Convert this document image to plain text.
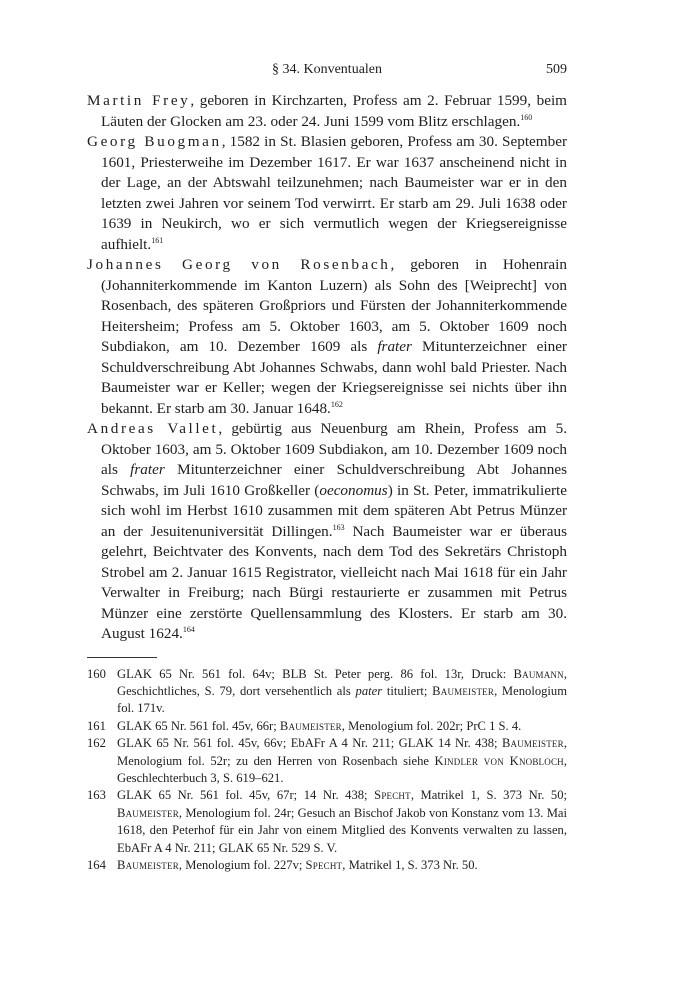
§ 34. Konventualen	509

Martin Frey, geboren in Kirchzarten, Profess am 2. Februar 1599, beim Läuten der Glocken am 23. oder 24. Juni 1599 vom Blitz erschlagen.$^{160}$

Georg Buogman, 1582 in St. Blasien geboren, Profess am 30. September 1601, Priesterweihe im Dezember 1617. Er war 1637 anscheinend nicht in der Lage, an der Abtswahl teilzunehmen; nach Baumeister war er in den letzten zwei Jahren vor seinem Tod verwirrt. Er starb am 29. Juli 1638 oder 1639 in Neukirch, wo er sich vermutlich wegen der Kriegsereignisse aufhielt.$^{161}$

Johannes Georg von Rosenbach, geboren in Hohenrain (Johanniterkommende im Kanton Luzern) als Sohn des [Weiprecht] von Rosenbach, des späteren Großpriors und Fürsten der Johanniterkommende Heitersheim; Profess am 5. Oktober 1603, am 5. Oktober 1609 noch Subdiakon, am 10. Dezember 1609 als frater Mitunterzeichner einer Schuldverschreibung Abt Johannes Schwabs, dann wohl bald Priester. Nach Baumeister war er Keller; wegen der Kriegsereignisse sei nichts über ihn bekannt. Er starb am 30. Januar 1648.$^{162}$

Andreas Vallet, gebürtig aus Neuenburg am Rhein, Profess am 5. Oktober 1603, am 5. Oktober 1609 Subdiakon, am 10. Dezember 1609 noch als frater Mitunterzeichner einer Schuldverschreibung Abt Johannes Schwabs, im Juli 1610 Großkeller (oeconomus) in St. Peter, immatrikulierte sich wohl im Herbst 1610 zusammen mit dem späteren Abt Petrus Münzer an der Jesuitenuniversität Dillingen.$^{163}$ Nach Baumeister war er überaus gelehrt, Beichtvater des Konvents, nach dem Tod des Sekretärs Christoph Strobel am 2. Januar 1615 Registrator, vielleicht nach Mai 1618 für ein Jahr Verwalter in Freiburg; nach Bürgi restaurierte er zusammen mit Petrus Münzer eine zerstörte Quellensammlung des Klosters. Er starb am 30. August 1624.$^{164}$

160 GLAK 65 Nr. 561 fol. 64v; BLB St. Peter perg. 86 fol. 13r, Druck: Baumann, Geschichtliches, S. 79, dort versehentlich als pater tituliert; Baumeister, Menologium fol. 171v.
161 GLAK 65 Nr. 561 fol. 45v, 66r; Baumeister, Menologium fol. 202r; PrC 1 S. 4.
162 GLAK 65 Nr. 561 fol. 45v, 66v; EbAFr A 4 Nr. 211; GLAK 14 Nr. 438; Baumeister, Menologium fol. 52r; zu den Herren von Rosenbach siehe Kindler von Knobloch, Geschlechterbuch 3, S. 619–621.
163 GLAK 65 Nr. 561 fol. 45v, 67r; 14 Nr. 438; Specht, Matrikel 1, S. 373 Nr. 50; Baumeister, Menologium fol. 24r; Gesuch an Bischof Jakob von Konstanz vom 13. Mai 1618, den Peterhof für ein Jahr von einem Mitglied des Konvents verwalten zu lassen, EbAFr A 4 Nr. 211; GLAK 65 Nr. 529 S. V.
164 Baumeister, Menologium fol. 227v; Specht, Matrikel 1, S. 373 Nr. 50.
